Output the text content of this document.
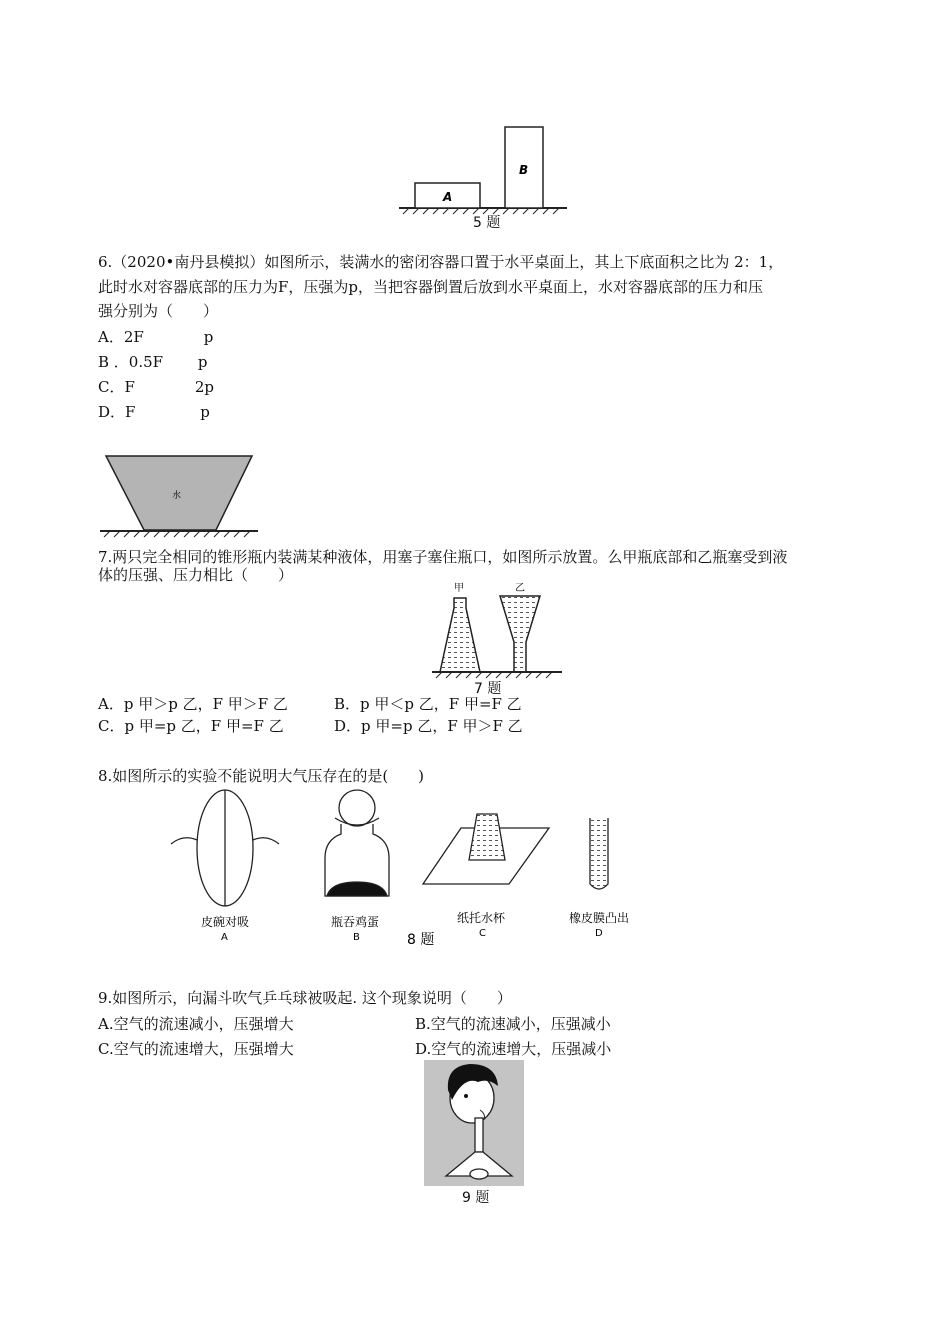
A
B
5 题
6.（2020•南丹县模拟）如图所示，装满水的密闭容器口置于水平桌面上，其上下底面积之比为 2：1，
此时水对容器底部的压力为F，压强为p，当把容器倒置后放到水平桌面上，水对容器底部的压力和压
强分别为（　　）
A．2F　　　　p
B ．0.5F　　 p
C．F　　　　2p
D．F　　　　 p
水
7.两只完全相同的锥形瓶内装满某种液体，用塞子塞住瓶口，如图所示放置。么甲瓶底部和乙瓶塞受到液
体的压强、压力相比（　　）
甲	乙
7 题
A．p 甲＞p 乙，F 甲＞F 乙	B．p 甲＜p 乙，F 甲=F 乙
C．p 甲=p 乙，F 甲=F 乙	D．p 甲=p 乙，F 甲＞F 乙
8.如图所示的实验不能说明大气压存在的是(　　)
皮碗对吸
A
瓶吞鸡蛋
B
纸托水杯
C
橡皮膜凸出
D
8 题
9.如图所示，向漏斗吹气乒乓球被吸起. 这个现象说明（　　）
A.空气的流速减小，压强增大	B.空气的流速减小，压强减小
C.空气的流速增大，压强增大	D.空气的流速增大，压强减小
9 题
